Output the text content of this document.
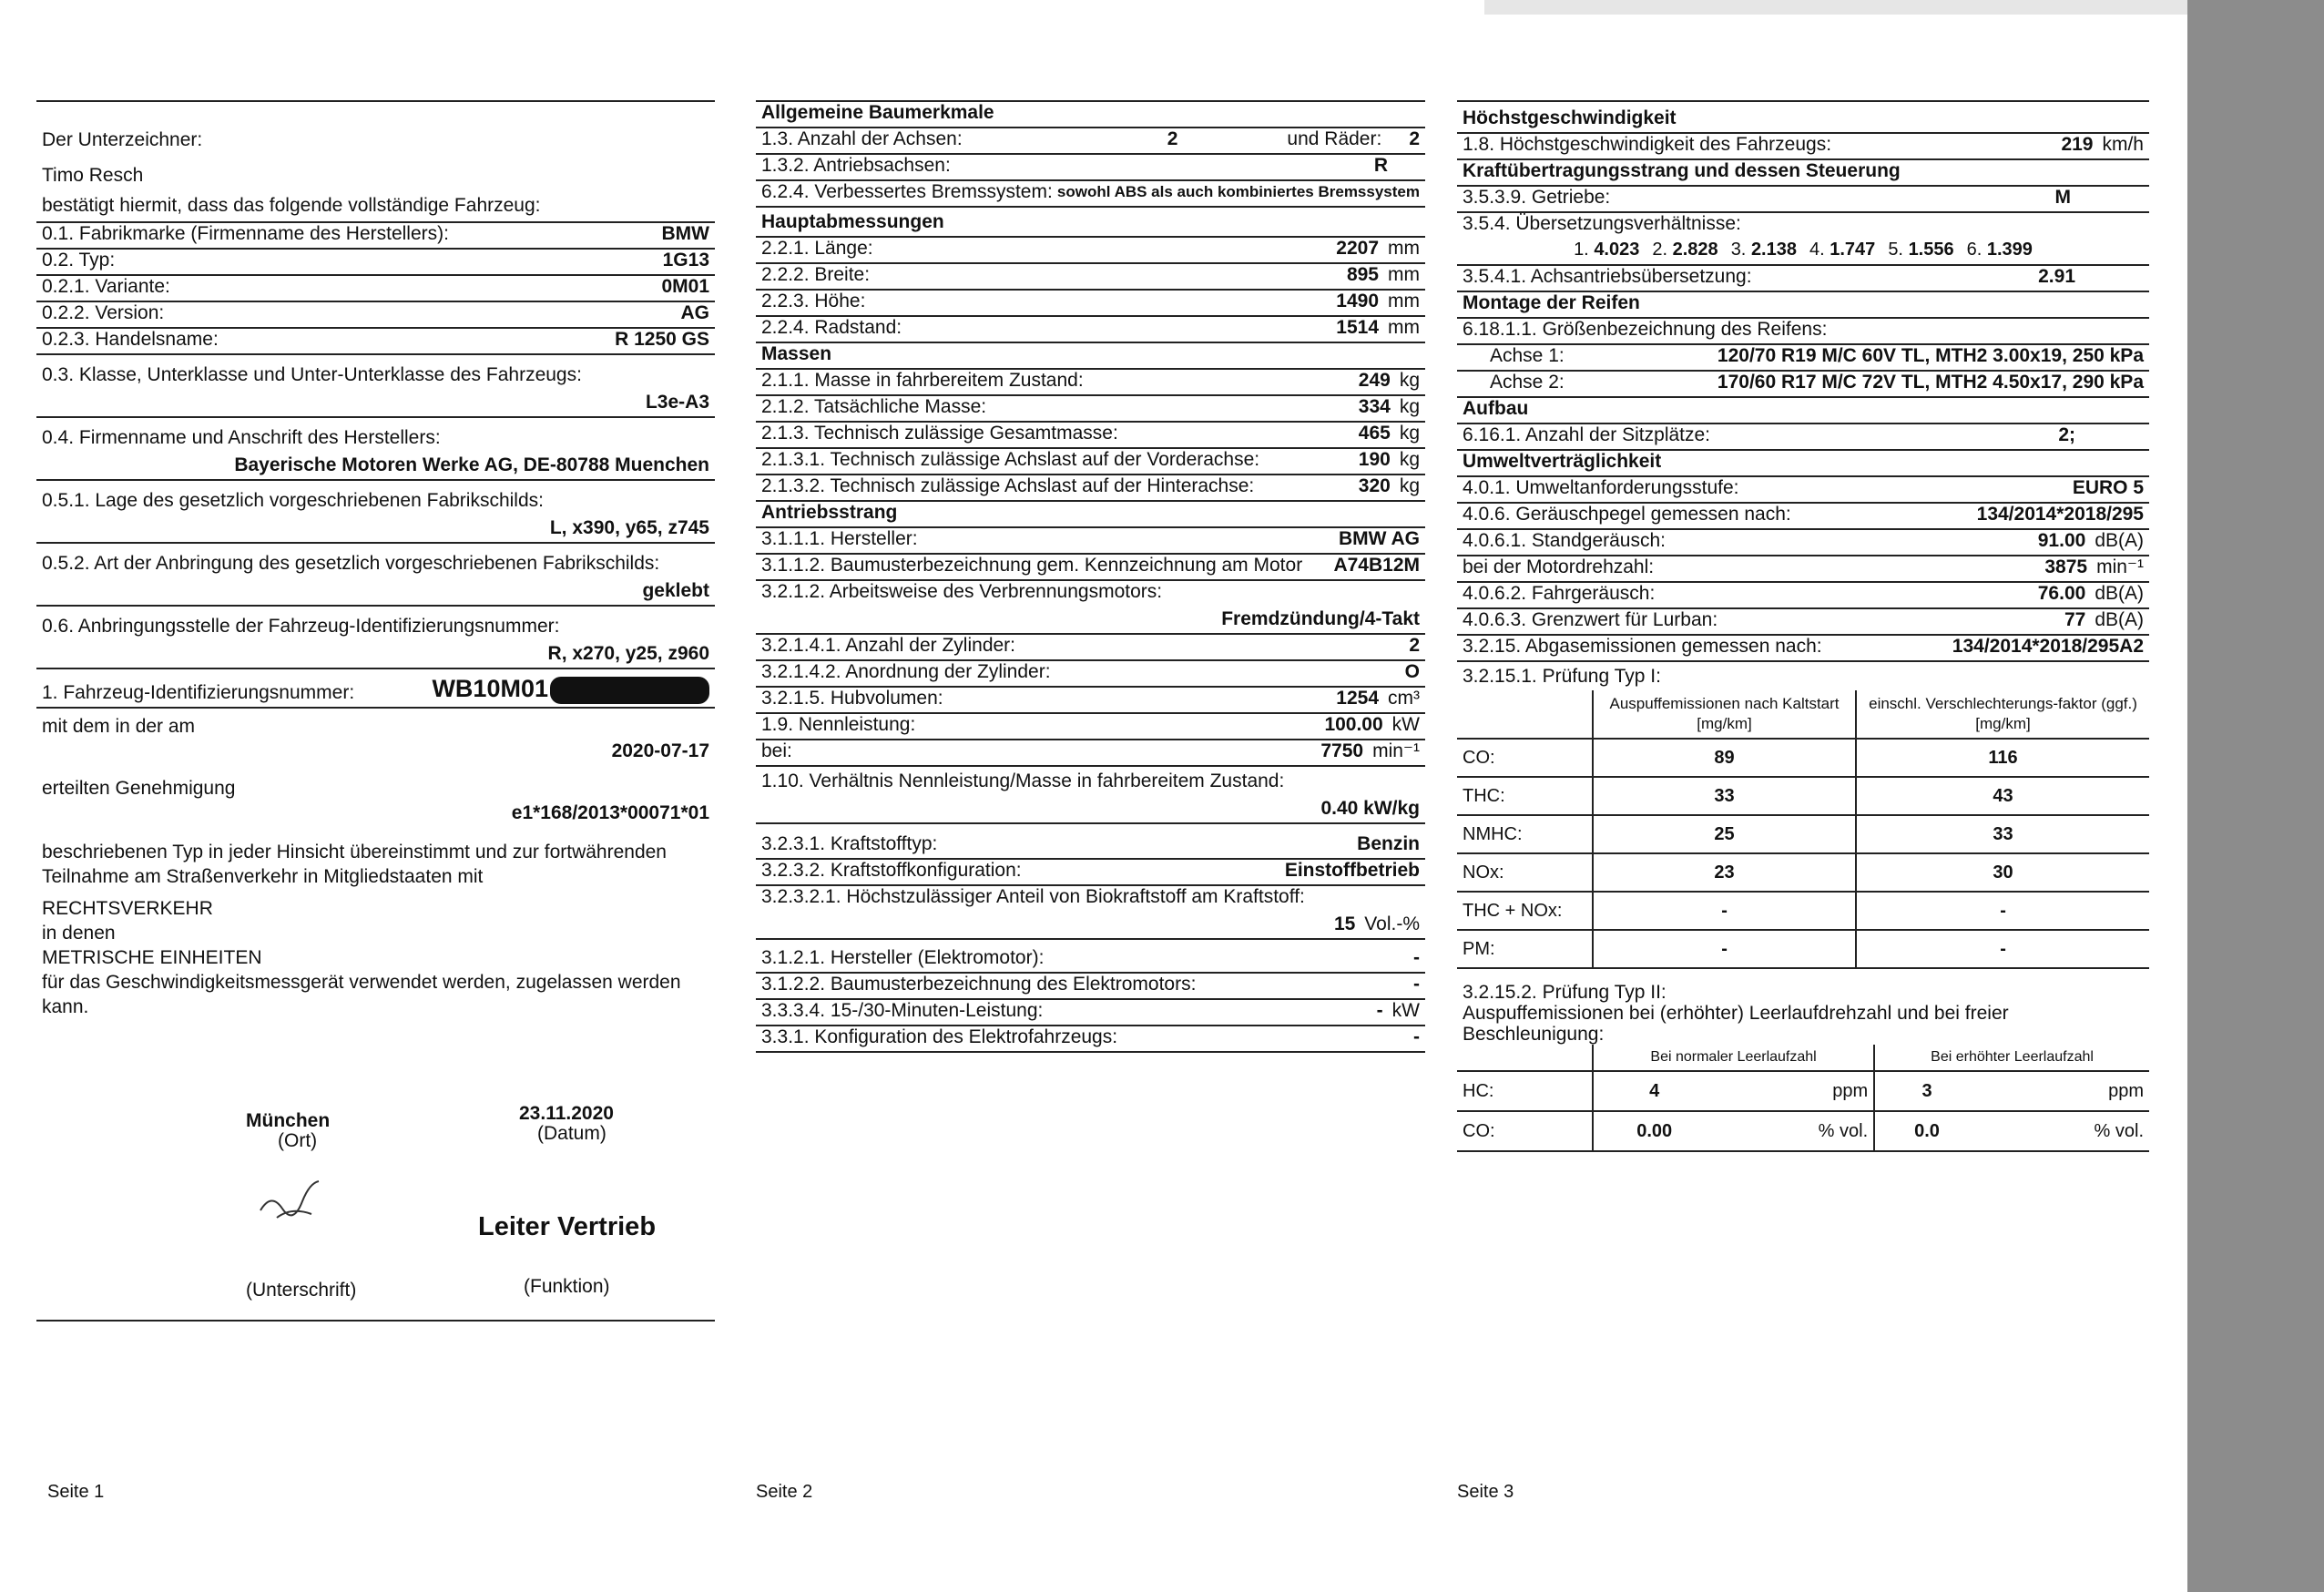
Der Unterzeichner:
Timo Resch
bestätigt hiermit, dass das folgende vollständige Fahrzeug:
0.1. Fabrikmarke (Firmenname des Herstellers):	BMW
0.2. Typ:	1G13
0.2.1. Variante:	0M01
0.2.2. Version:	AG
0.2.3. Handelsname:	R 1250 GS
0.3. Klasse, Unterklasse und Unter-Unterklasse des Fahrzeugs:
L3e-A3
0.4. Firmenname und Anschrift des Herstellers:
Bayerische Motoren Werke AG, DE-80788 Muenchen
0.5.1. Lage des gesetzlich vorgeschriebenen Fabrikschilds:
L, x390, y65, z745
0.5.2. Art der Anbringung des gesetzlich vorgeschriebenen Fabrikschilds:
geklebt
0.6. Anbringungsstelle der Fahrzeug-Identifizierungsnummer:
R, x270, y25, z960
1. Fahrzeug-Identifizierungsnummer:	WB10M01
mit dem in der am
2020-07-17
erteilten Genehmigung
e1*168/2013*00071*01
beschriebenen Typ in jeder Hinsicht übereinstimmt und zur fortwährenden Teilnahme am Straßenverkehr in Mitgliedstaaten mit
RECHTSVERKEHR
in denen
METRISCHE EINHEITEN
für das Geschwindigkeitsmessgerät verwendet werden, zugelassen werden kann.
München
(Ort)
23.11.2020
(Datum)
Leiter Vertrieb
(Unterschrift)	(Funktion)
Seite 1
Allgemeine Baumerkmale
1.3. Anzahl der Achsen:	2	und Räder: 2
1.3.2. Antriebsachsen:	R
6.2.4. Verbessertes Bremssystem: sowohl ABS als auch kombiniertes Bremssystem
Hauptabmessungen
2.2.1. Länge:	2207 mm
2.2.2. Breite:	895 mm
2.2.3. Höhe:	1490 mm
2.2.4. Radstand:	1514 mm
Massen
2.1.1. Masse in fahrbereitem Zustand:	249 kg
2.1.2. Tatsächliche Masse:	334 kg
2.1.3. Technisch zulässige Gesamtmasse:	465 kg
2.1.3.1. Technisch zulässige Achslast auf der Vorderachse:	190 kg
2.1.3.2. Technisch zulässige Achslast auf der Hinterachse:	320 kg
Antriebsstrang
3.1.1.1. Hersteller:	BMW AG
3.1.1.2. Baumusterbezeichnung gem. Kennzeichnung am Motor A74B12M
3.2.1.2. Arbeitsweise des Verbrennungsmotors:
Fremdzündung/4-Takt
3.2.1.4.1. Anzahl der Zylinder:	2
3.2.1.4.2. Anordnung der Zylinder:	O
3.2.1.5. Hubvolumen:	1254 cm³
1.9. Nennleistung:	100.00 kW
bei:	7750 min⁻¹
1.10. Verhältnis Nennleistung/Masse in fahrbereitem Zustand:
0.40 kW/kg
3.2.3.1. Kraftstofftyp:	Benzin
3.2.3.2. Kraftstoffkonfiguration:	Einstoffbetrieb
3.2.3.2.1. Höchstzulässiger Anteil von Biokraftstoff am Kraftstoff:
15 Vol.-%
3.1.2.1. Hersteller (Elektromotor):	-
3.1.2.2. Baumusterbezeichnung des Elektromotors:	-
3.3.3.4. 15-/30-Minuten-Leistung:	- kW
3.3.1. Konfiguration des Elektrofahrzeugs:	-
Seite 2
Höchstgeschwindigkeit
1.8. Höchstgeschwindigkeit des Fahrzeugs:	219 km/h
Kraftübertragungsstrang und dessen Steuerung
3.5.3.9. Getriebe:	M
3.5.4. Übersetzungsverhältnisse:
1. 4.023 2. 2.828 3. 2.138 4. 1.747 5. 1.556 6. 1.399
3.5.4.1. Achsantriebsübersetzung:	2.91
Montage der Reifen
6.18.1.1. Größenbezeichnung des Reifens:
Achse 1:	120/70 R19 M/C 60V TL, MTH2 3.00x19, 250 kPa
Achse 2:	170/60 R17 M/C 72V TL, MTH2 4.50x17, 290 kPa
Aufbau
6.16.1. Anzahl der Sitzplätze:	2;
Umweltverträglichkeit
4.0.1. Umweltanforderungsstufe:	EURO 5
4.0.6. Geräuschpegel gemessen nach:	134/2014*2018/295
4.0.6.1. Standgeräusch:	91.00 dB(A)
bei der Motordrehzahl:	3875 min⁻¹
4.0.6.2. Fahrgeräusch:	76.00 dB(A)
4.0.6.3. Grenzwert für Lurban:	77 dB(A)
3.2.15. Abgasemissionen gemessen nach:	134/2014*2018/295A2
3.2.15.1. Prüfung Typ I:
	Auspuffemissionen nach Kaltstart [mg/km]	einschl. Verschlechterungs-faktor (ggf.) [mg/km]
CO:	89	116
THC:	33	43
NMHC:	25	33
NOx:	23	30
THC + NOx:	-	-
PM:	-	-
3.2.15.2. Prüfung Typ II:
Auspuffemissionen bei (erhöhter) Leerlaufdrehzahl und bei freier Beschleunigung:
	Bei normaler Leerlaufzahl		Bei erhöhter Leerlaufzahl	
HC:	4	ppm	3	ppm
CO:	0.00	% vol.	0.0	% vol.
Seite 3
